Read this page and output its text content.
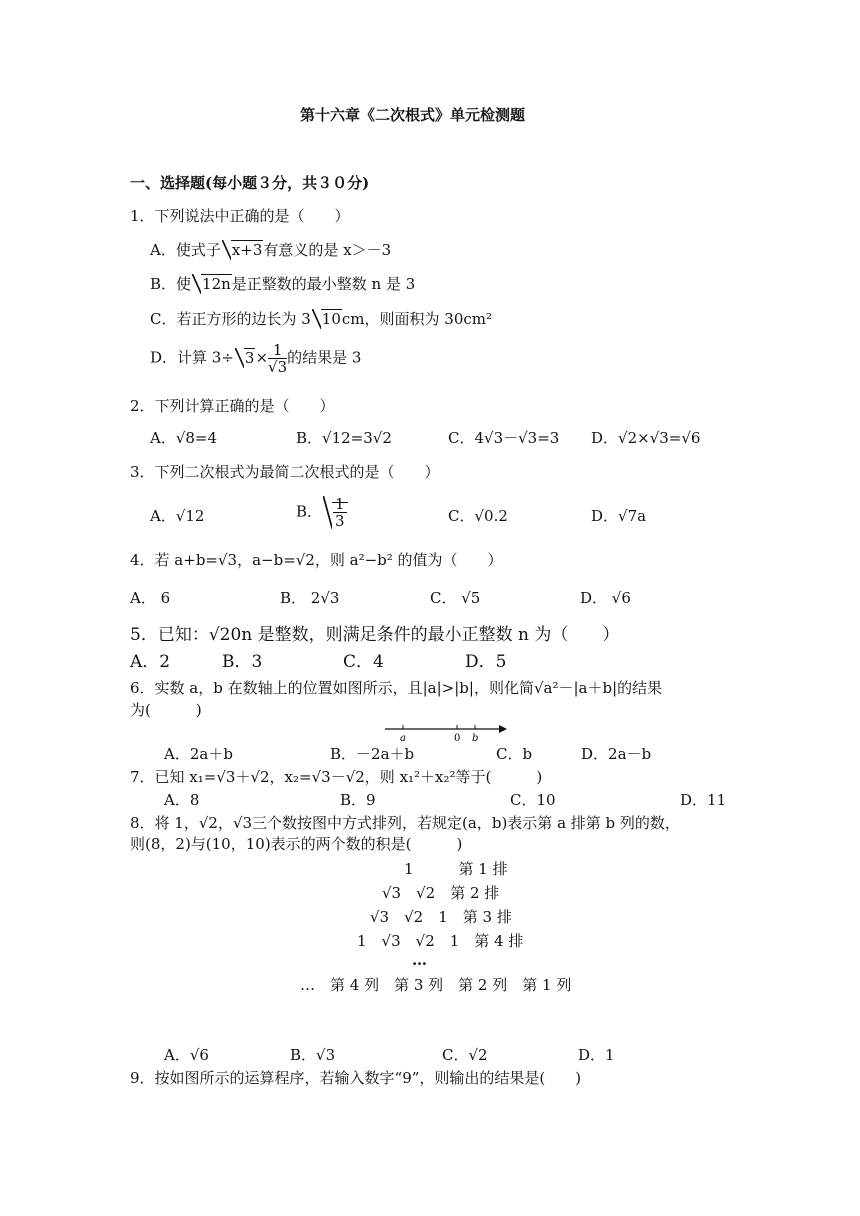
第十六章《二次根式》单元检测题
一、选择题(每小题３分，共３０分)
1．下列说法中正确的是（　　）
A．使式子 x+3有意义的是 x＞－3
B．使 12n是正整数的最小整数 n 是 3
C．若正方形的边长为 3 10cm，则面积为 30cm²
D．计算 $3\div 3\times \frac{1}{√3}$ 的结果是 3
2．下列计算正确的是（　　）
A．√8=4	B．√12=3√2	C．4√3－√3=3 D．√2×√3=√6
3．下列二次根式为最简二次根式的是（　　）
A．√12	B． $\frac{1}{3}$	C．√0.2	D．√7a
4．若 a+b=√3，a−b=√2，则 a²−b² 的值为（　　）
A． 6	B． 2√3	C． √5	D． √6
5．已知：√20n 是整数，则满足条件的最小正整数 n 为（　　）
A．2	B．3	C．4	D．5
6．实数 a，b 在数轴上的位置如图所示，且|a|>|b|，则化简√a²－|a＋b|的结果
为(　　　)
a	0 b
A．2a＋b	B．－2a＋b	C．b	D．2a－b
7．已知 x₁=√3＋√2，x₂=√3－√2，则 x₁²＋x₂²等于(　　　)
A．8	B．9	C．10	D．11
8．将 1，√2，√3三个数按图中方式排列，若规定(a，b)表示第 a 排第 b 列的数，
则(8，2)与(10，10)表示的两个数的积是(　　　)
1　　　第 1 排
√3　√2　第 2 排
√3　√2　1　第 3 排
1　√3　√2　1　第 4 排
…
…　第 4 列　第 3 列　第 2 列　第 1 列
A．√6	B．√3	C．√2	D．1
9．按如图所示的运算程序，若输入数字“9”，则输出的结果是(　　)
